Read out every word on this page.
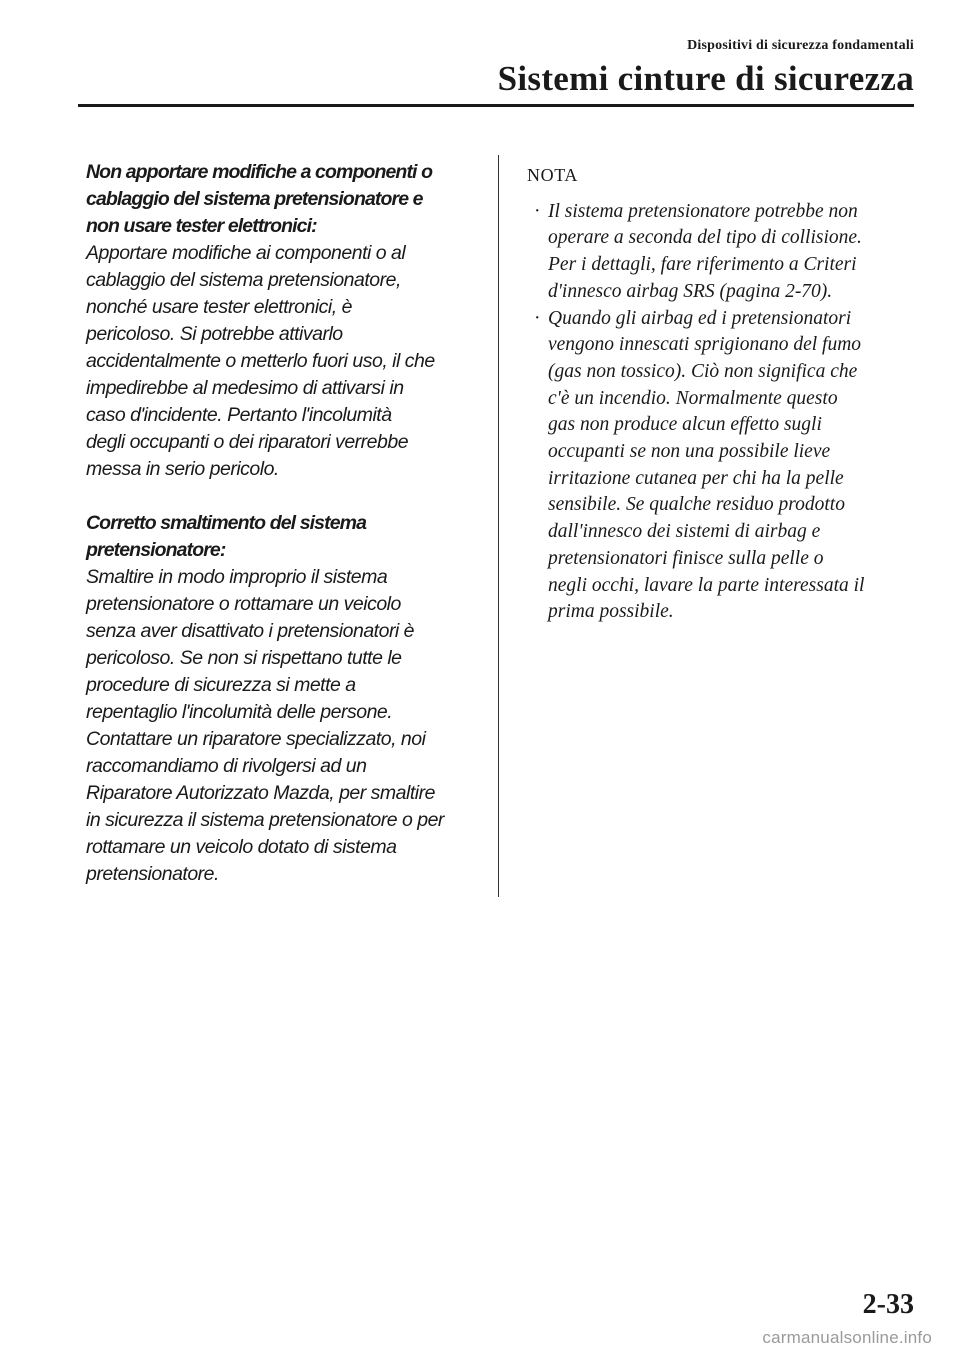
Dispositivi di sicurezza fondamentali
Sistemi cinture di sicurezza
Non apportare modifiche a componenti o
cablaggio del sistema pretensionatore e
non usare tester elettronici:
Apportare modifiche ai componenti o al
cablaggio del sistema pretensionatore,
nonché usare tester elettronici, è
pericoloso. Si potrebbe attivarlo
accidentalmente o metterlo fuori uso, il che
impedirebbe al medesimo di attivarsi in
caso d'incidente. Pertanto l'incolumità
degli occupanti o dei riparatori verrebbe
messa in serio pericolo.
Corretto smaltimento del sistema
pretensionatore:
Smaltire in modo improprio il sistema
pretensionatore o rottamare un veicolo
senza aver disattivato i pretensionatori è
pericoloso. Se non si rispettano tutte le
procedure di sicurezza si mette a
repentaglio l'incolumità delle persone.
Contattare un riparatore specializzato, noi
raccomandiamo di rivolgersi ad un
Riparatore Autorizzato Mazda, per smaltire
in sicurezza il sistema pretensionatore o per
rottamare un veicolo dotato di sistema
pretensionatore.
NOTA
· Il sistema pretensionatore potrebbe non
operare a seconda del tipo di collisione.
Per i dettagli, fare riferimento a Criteri
d'innesco airbag SRS (pagina 2-70).
· Quando gli airbag ed i pretensionatori
vengono innescati sprigionano del fumo
(gas non tossico). Ciò non significa che
c'è un incendio. Normalmente questo
gas non produce alcun effetto sugli
occupanti se non una possibile lieve
irritazione cutanea per chi ha la pelle
sensibile. Se qualche residuo prodotto
dall'innesco dei sistemi di airbag e
pretensionatori finisce sulla pelle o
negli occhi, lavare la parte interessata il
prima possibile.
2-33
carmanualsonline.info
